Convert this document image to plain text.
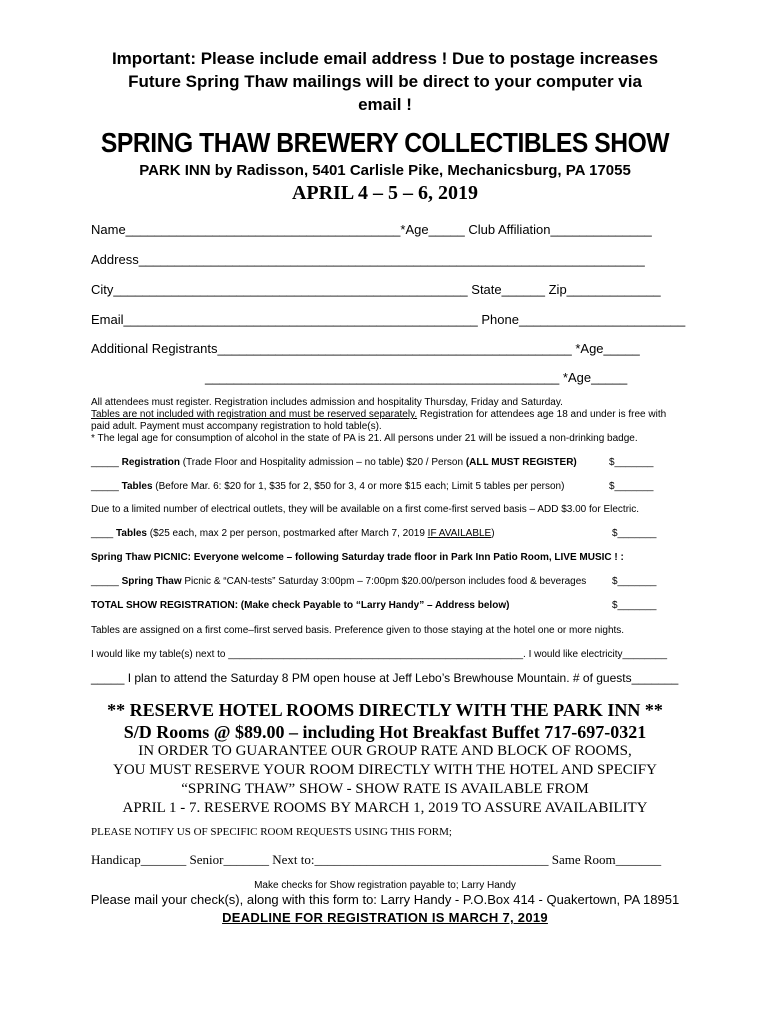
Important: Please include email address ! Due to postage increases
Future Spring Thaw mailings will be direct to your computer via
email !
SPRING THAW BREWERY COLLECTIBLES SHOW
PARK INN by Radisson, 5401 Carlisle Pike, Mechanicsburg, PA 17055
APRIL 4 – 5 – 6, 2019
Name______________________________________*Age_____ Club Affiliation______________
Address______________________________________________________________________
City_________________________________________________ State______ Zip_____________
Email_________________________________________________ Phone_______________________
Additional Registrants_________________________________________________ *Age_____
_________________________________________________ *Age_____
All attendees must register. Registration includes admission and hospitality Thursday, Friday and Saturday.
Tables are not included with registration and must be reserved separately. Registration for attendees age 18 and under is free with
paid adult. Payment must accompany registration to hold table(s).
* The legal age for consumption of alcohol in the state of PA is 21. All persons under 21 will be issued a non-drinking badge.
_____ Registration (Trade Floor and Hospitality admission – no table) $20 / Person (ALL MUST REGISTER)	$_______
_____ Tables (Before Mar. 6: $20 for 1, $35 for 2, $50 for 3, 4 or more $15 each; Limit 5 tables per person)	$_______
Due to a limited number of electrical outlets, they will be available on a first come-first served basis – ADD $3.00 for Electric.
____ Tables ($25 each, max 2 per person, postmarked after March 7, 2019 IF AVAILABLE)	$_______
Spring Thaw PICNIC: Everyone welcome – following Saturday trade floor in Park Inn Patio Room, LIVE MUSIC ! :
_____ Spring Thaw Picnic & “CAN-tests” Saturday 3:00pm – 7:00pm $20.00/person includes food & beverages	$_______
TOTAL SHOW REGISTRATION: (Make check Payable to “Larry Handy” – Address below)	$_______
Tables are assigned on a first come–first served basis. Preference given to those staying at the hotel one or more nights.
I would like my table(s) next to _____________________________________________________. I would like electricity________
_____ I plan to attend the Saturday 8 PM open house at Jeff Lebo’s Brewhouse Mountain. # of guests_______
** RESERVE HOTEL ROOMS DIRECTLY WITH THE PARK INN **
S/D Rooms @ $89.00 – including Hot Breakfast Buffet 717-697-0321
IN ORDER TO GUARANTEE OUR GROUP RATE AND BLOCK OF ROOMS,
YOU MUST RESERVE YOUR ROOM DIRECTLY WITH THE HOTEL AND SPECIFY
“SPRING THAW” SHOW - SHOW RATE IS AVAILABLE FROM
APRIL 1 - 7. RESERVE ROOMS BY MARCH 1, 2019 TO ASSURE AVAILABILITY
PLEASE NOTIFY US OF SPECIFIC ROOM REQUESTS USING THIS FORM;
Handicap_______ Senior_______ Next to:____________________________________ Same Room_______
Make checks for Show registration payable to; Larry Handy
Please mail your check(s), along with this form to: Larry Handy - P.O.Box 414 - Quakertown, PA 18951
DEADLINE FOR REGISTRATION IS MARCH 7, 2019
